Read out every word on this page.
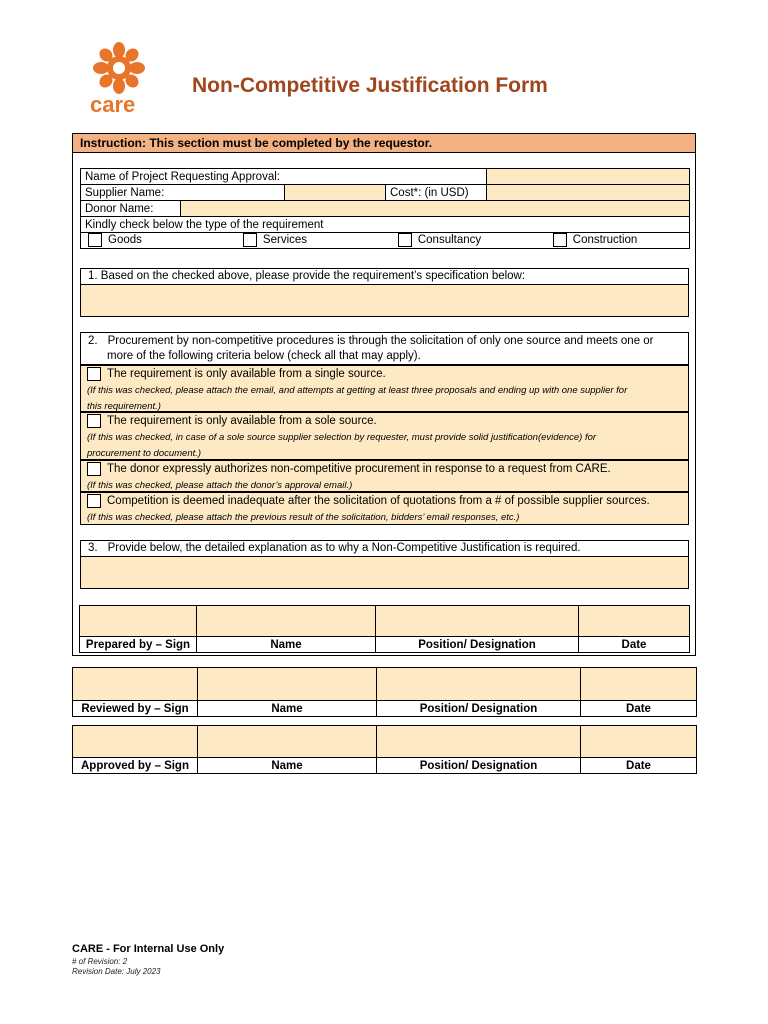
care
Non-Competitive Justification Form
Instruction: This section must be completed by the requestor.
Name of Project Requesting Approval:				
Supplier Name:			Cost*: (in USD)	
Donor Name:				
Kindly check below the type of the requirement				

Goods Services Consultancy Construction				
1. Based on the checked above, please provide the requirement’s specification below:
2. Procurement by non-competitive procedures is through the solicitation of only one source and meets one or
more of the following criteria below (check all that may apply).
The requirement is only available from a single source.
(If this was checked, please attach the email, and attempts at getting at least three proposals and ending up with one supplier for
this requirement.)
The requirement is only available from a sole source.
(If this was checked, in case of a sole source supplier selection by requester, must provide solid justification(evidence) for
procurement to document.)
The donor expressly authorizes non-competitive procurement in response to a request from CARE.
(If this was checked, please attach the donor’s approval email.)
Competition is deemed inadequate after the solicitation of quotations from a # of possible supplier sources.
(If this was checked, please attach the previous result of the solicitation, bidders’ email responses, etc.)
3. Provide below, the detailed explanation as to why a Non-Competitive Justification is required.

Prepared by – Sign	Name	Position/ Designation	Date

Reviewed by – Sign	Name	Position/ Designation	Date

Approved by – Sign	Name	Position/ Designation	Date
CARE - For Internal Use Only
# of Revision: 2
Revision Date: July 2023
